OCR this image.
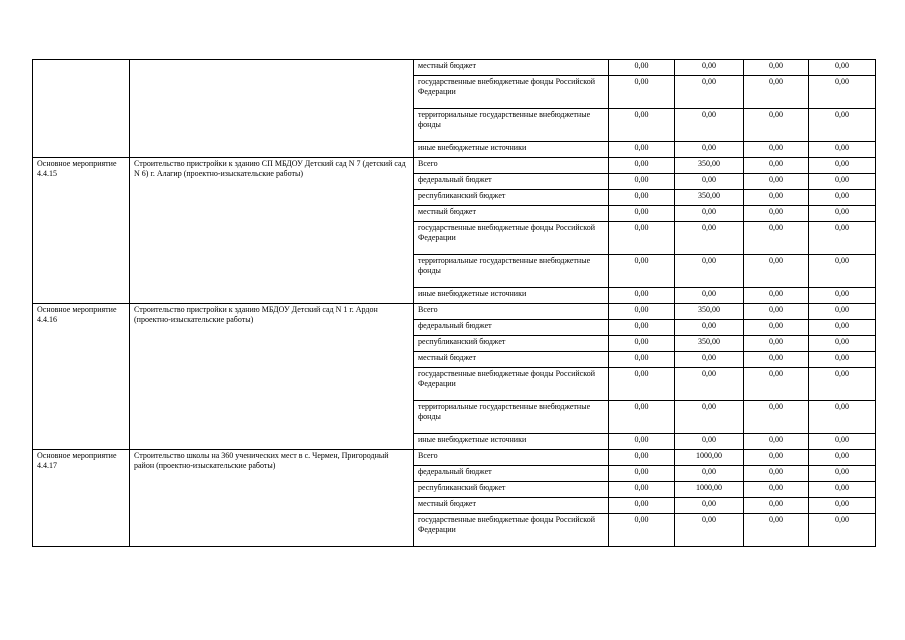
		местный бюджет	0,00	0,00	0,00	0,00
		государственные внебюджетные фонды Российской Федерации	0,00	0,00	0,00	0,00
		территориальные государственные внебюджетные фонды	0,00	0,00	0,00	0,00
		иные внебюджетные источники	0,00	0,00	0,00	0,00
Основное мероприятие 4.4.15	Строительство пристройки к зданию СП МБДОУ Детский сад N 7 (детский сад N 6) г. Алагир (проектно-изыскательские работы)	Всего	0,00	350,00	0,00	0,00
		федеральный бюджет	0,00	0,00	0,00	0,00
		республиканский бюджет	0,00	350,00	0,00	0,00
		местный бюджет	0,00	0,00	0,00	0,00
		государственные внебюджетные фонды Российской Федерации	0,00	0,00	0,00	0,00
		территориальные государственные внебюджетные фонды	0,00	0,00	0,00	0,00
		иные внебюджетные источники	0,00	0,00	0,00	0,00
Основное мероприятие 4.4.16	Строительство пристройки к зданию МБДОУ Детский сад N 1 г. Ардон (проектно-изыскательские работы)	Всего	0,00	350,00	0,00	0,00
		федеральный бюджет	0,00	0,00	0,00	0,00
		республиканский бюджет	0,00	350,00	0,00	0,00
		местный бюджет	0,00	0,00	0,00	0,00
		государственные внебюджетные фонды Российской Федерации	0,00	0,00	0,00	0,00
		территориальные государственные внебюджетные фонды	0,00	0,00	0,00	0,00
		иные внебюджетные источники	0,00	0,00	0,00	0,00
Основное мероприятие 4.4.17	Строительство школы на 360 ученических мест в с. Чермен, Пригородный район (проектно-изыскательские работы)	Всего	0,00	1000,00	0,00	0,00
		федеральный бюджет	0,00	0,00	0,00	0,00
		республиканский бюджет	0,00	1000,00	0,00	0,00
		местный бюджет	0,00	0,00	0,00	0,00
		государственные внебюджетные фонды Российской Федерации	0,00	0,00	0,00	0,00
